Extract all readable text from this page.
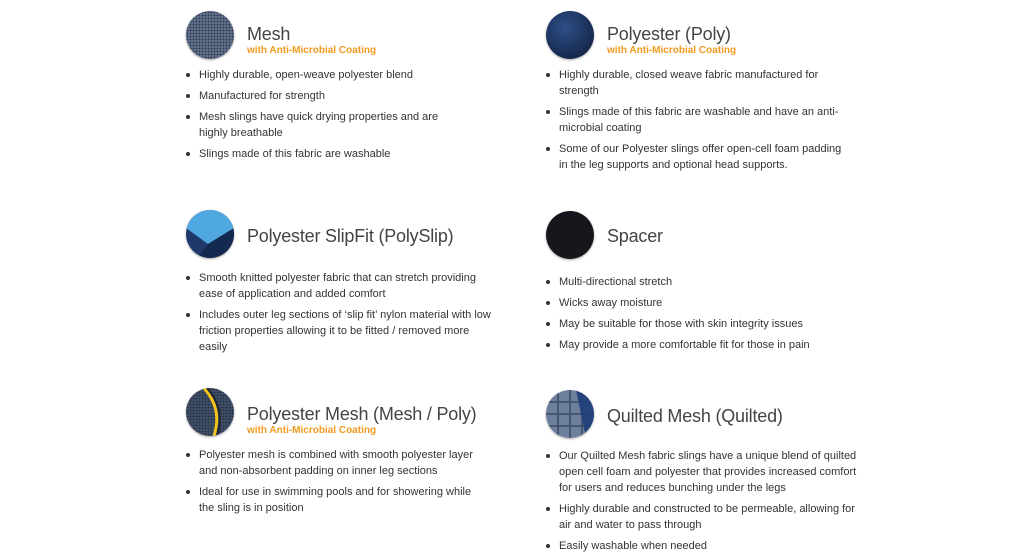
Mesh
with Anti-Microbial Coating
Highly durable, open-weave polyester blend
Manufactured for strength
Mesh slings have quick drying properties and are highly breathable
Slings made of this fabric are washable
Polyester (Poly)
with Anti-Microbial Coating
Highly durable, closed weave fabric manufactured for strength
Slings made of this fabric are washable and have an anti-microbial coating
Some of our Polyester slings offer open-cell foam padding in the leg supports and optional head supports.
Polyester SlipFit (PolySlip)
Smooth knitted polyester fabric that can stretch providing ease of application and added comfort
Includes outer leg sections of ‘slip fit’ nylon material with low friction properties allowing it to be fitted / removed more easily
Spacer
Multi-directional stretch
Wicks away moisture
May be suitable for those with skin integrity issues
May provide a more comfortable fit for those in pain
Polyester Mesh (Mesh / Poly)
with Anti-Microbial Coating
Polyester mesh is combined with smooth polyester layer and non-absorbent padding on inner leg sections
Ideal for use in swimming pools and for showering while the sling is in position
Quilted Mesh (Quilted)
Our Quilted Mesh fabric slings have a unique blend of quilted open cell foam and polyester that provides increased comfort for users and reduces bunching under the legs
Highly durable and constructed to be permeable, allowing for air and water to pass through
Easily washable when needed
